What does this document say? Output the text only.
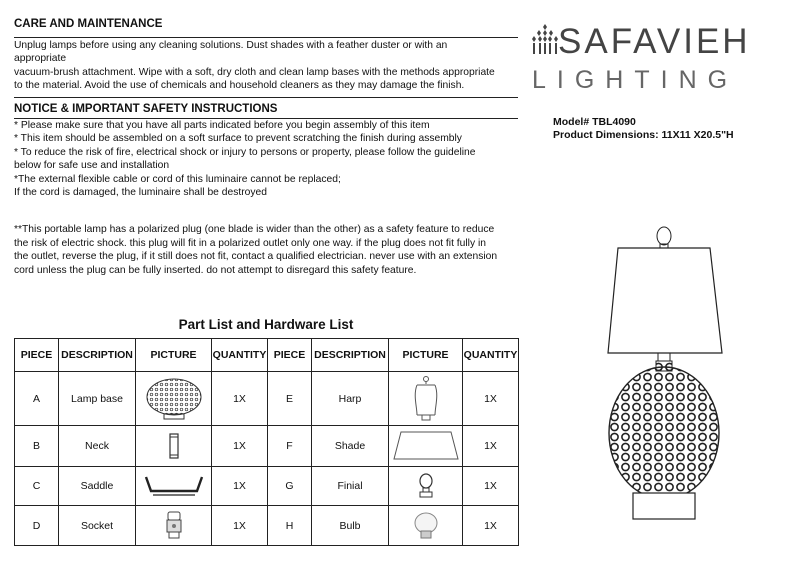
CARE AND MAINTENANCE
Unplug lamps before using any cleaning solutions. Dust shades with a feather duster or with an
appropriate
vacuum-brush attachment. Wipe with a soft, dry cloth and clean lamp bases with the methods appropriate
to the material. Avoid the use of chemicals and household cleaners as they may damage the finish.
NOTICE & IMPORTANT SAFETY INSTRUCTIONS
* Please make sure that you have all parts indicated before you begin assembly of this item
* This item should be assembled on a soft surface to prevent scratching the finish during assembly
* To reduce the risk of fire, electrical shock or injury to persons or property, please follow the guideline
below for safe use and installation
*The external flexible cable or cord of this luminaire cannot be replaced;
If the cord is damaged, the luminaire shall be destroyed
**This portable lamp has a polarized plug (one blade is wider than the other) as a safety feature to reduce
the risk of electric shock. this plug will fit in a polarized outlet only one way. if the plug does not fit fully in
the outlet, reverse the plug, if it still does not fit, contact a qualified electrician. never use with an extension
cord unless the plug can be fully inserted. do not attempt to disregard this safety feature.
Part List and Hardware List
PIECE	DESCRIPTION	PICTURE	QUANTITY	PIECE	DESCRIPTION	PICTURE	QUANTITY
A	Lamp base		1X	E	Harp		1X
B	Neck		1X	F	Shade		1X
C	Saddle		1X	G	Finial		1X
D	Socket		1X	H	Bulb		1X
SAFAVIEH
LIGHTING
Model# TBL4090
Product Dimensions: 11X11 X20.5"H
